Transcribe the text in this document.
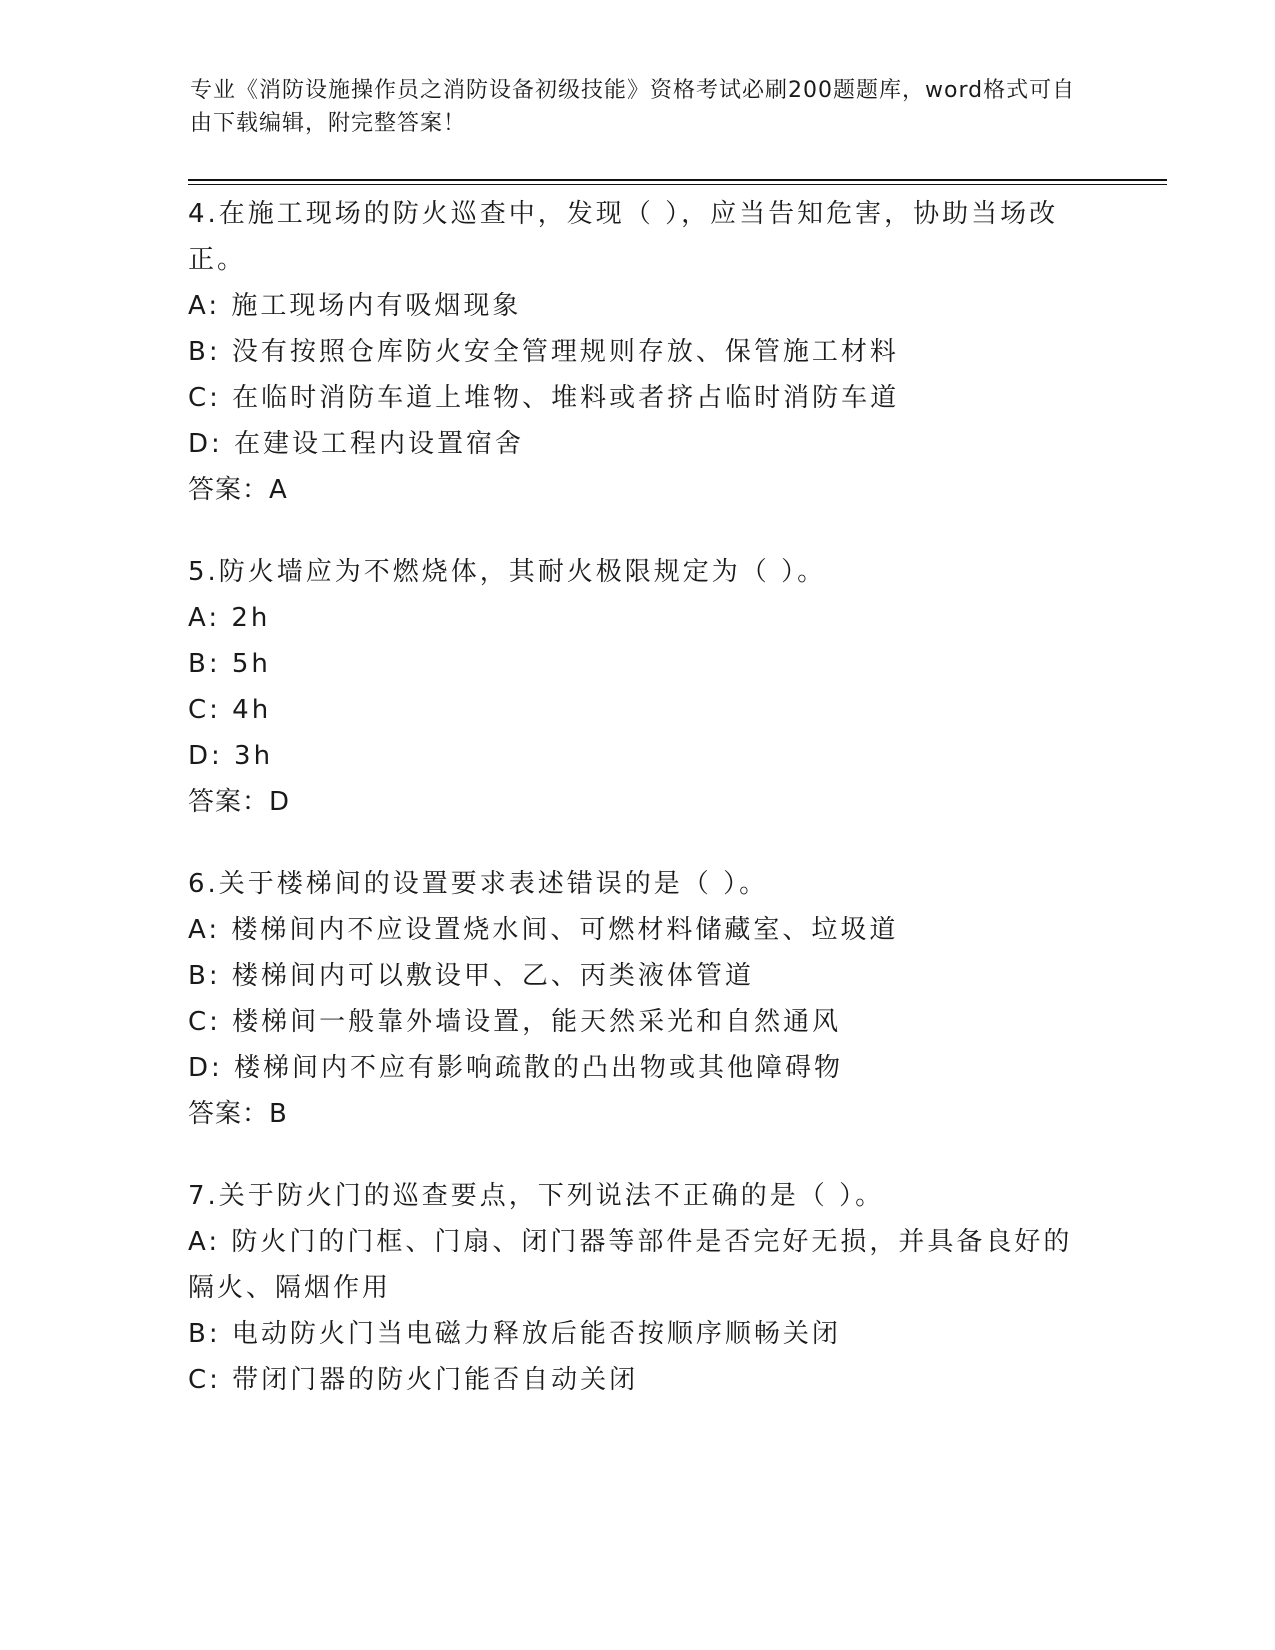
专业《消防设施操作员之消防设备初级技能》资格考试必刷200题题库，word格式可自由下载编辑，附完整答案！
4.在施工现场的防火巡查中，发现（ ），应当告知危害，协助当场改正。
A: 施工现场内有吸烟现象
B: 没有按照仓库防火安全管理规则存放、保管施工材料
C: 在临时消防车道上堆物、堆料或者挤占临时消防车道
D: 在建设工程内设置宿舍
答案：A
5.防火墙应为不燃烧体，其耐火极限规定为（ ）。
A: 2h
B: 5h
C: 4h
D: 3h
答案：D
6.关于楼梯间的设置要求表述错误的是（ ）。
A: 楼梯间内不应设置烧水间、可燃材料储藏室、垃圾道
B: 楼梯间内可以敷设甲、乙、丙类液体管道
C: 楼梯间一般靠外墙设置，能天然采光和自然通风
D: 楼梯间内不应有影响疏散的凸出物或其他障碍物
答案：B
7.关于防火门的巡查要点，下列说法不正确的是（ ）。
A: 防火门的门框、门扇、闭门器等部件是否完好无损，并具备良好的隔火、隔烟作用
B: 电动防火门当电磁力释放后能否按顺序顺畅关闭
C: 带闭门器的防火门能否自动关闭
